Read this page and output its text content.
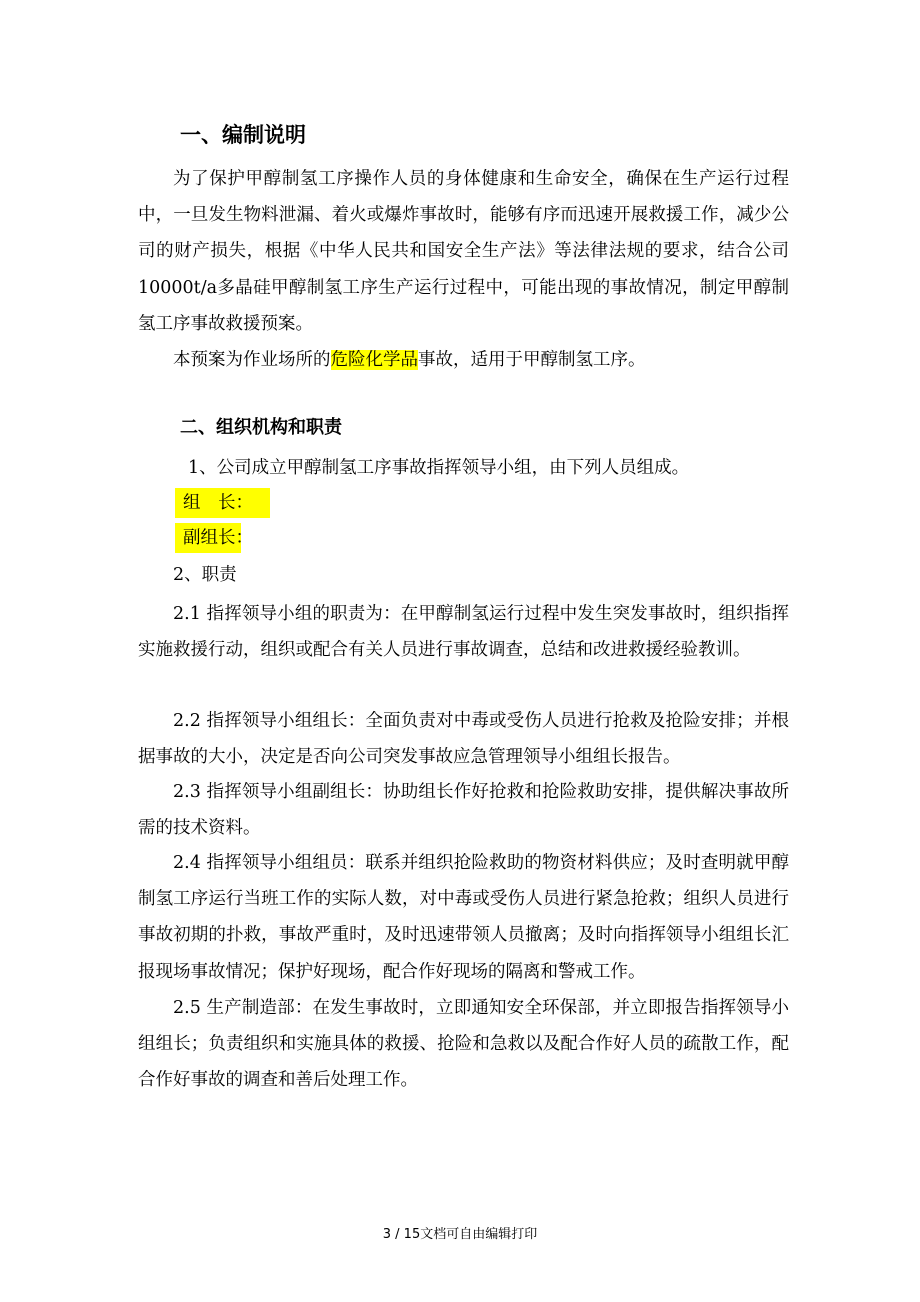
一、编制说明

为了保护甲醇制氢工序操作人员的身体健康和生命安全，确保在生产运行过程中，一旦发生物料泄漏、着火或爆炸事故时，能够有序而迅速开展救援工作，减少公司的财产损失，根据《中华人民共和国安全生产法》等法律法规的要求，结合公司10000t/a多晶硅甲醇制氢工序生产运行过程中，可能出现的事故情况，制定甲醇制氢工序事故救援预案。

本预案为作业场所的危险化学品事故，适用于甲醇制氢工序。

二、组织机构和职责
1、公司成立甲醇制氢工序事故指挥领导小组，由下列人员组成。
组　长：
副组长：
2、职责

2.1 指挥领导小组的职责为：在甲醇制氢运行过程中发生突发事故时，组织指挥实施救援行动，组织或配合有关人员进行事故调查，总结和改进救援经验教训。

2.2 指挥领导小组组长：全面负责对中毒或受伤人员进行抢救及抢险安排；并根据事故的大小，决定是否向公司突发事故应急管理领导小组组长报告。

2.3 指挥领导小组副组长：协助组长作好抢救和抢险救助安排，提供解决事故所需的技术资料。

2.4 指挥领导小组组员：联系并组织抢险救助的物资材料供应；及时查明就甲醇制氢工序运行当班工作的实际人数，对中毒或受伤人员进行紧急抢救；组织人员进行事故初期的扑救，事故严重时，及时迅速带领人员撤离；及时向指挥领导小组组长汇报现场事故情况；保护好现场，配合作好现场的隔离和警戒工作。

2.5 生产制造部：在发生事故时，立即通知安全环保部，并立即报告指挥领导小组组长；负责组织和实施具体的救援、抢险和急救以及配合作好人员的疏散工作，配合作好事故的调查和善后处理工作。

3 / 15文档可自由编辑打印
